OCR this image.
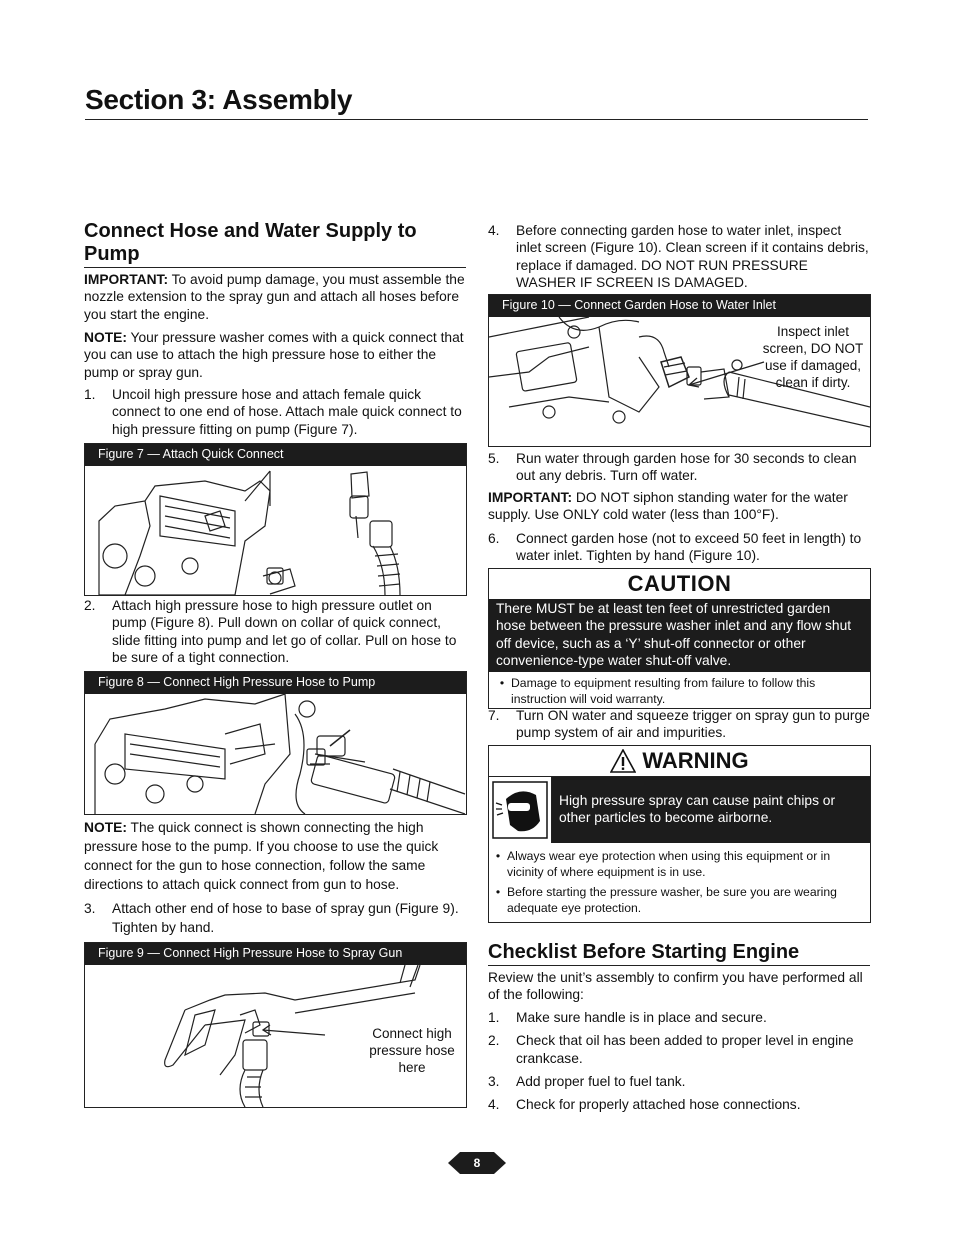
Section 3: Assembly
Connect Hose and Water Supply to Pump

IMPORTANT: To avoid pump damage, you must assemble the nozzle extension to the spray gun and attach all hoses before you start the engine.

NOTE: Your pressure washer comes with a quick connect that you can use to attach the high pressure hose to either the pump or spray gun.

1.	Uncoil high pressure hose and attach female quick connect to one end of hose. Attach male quick connect to high pressure fitting on pump (Figure 7).
Figure 7 — Attach Quick Connect
2.	Attach high pressure hose to high pressure outlet on pump (Figure 8). Pull down on collar of quick connect, slide fitting into pump and let go of collar. Pull on hose to be sure of a tight connection.
Figure 8 — Connect High Pressure Hose to Pump

NOTE: The quick connect is shown connecting the high pressure hose to the pump. If you choose to use the quick connect for the gun to hose connection, follow the same directions to attach quick connect from gun to hose.

3.	Attach other end of hose to base of spray gun (Figure 9). Tighten by hand.
Figure 9 — Connect High Pressure Hose to Spray Gun
Connect high pressure hose here
4.	Before connecting garden hose to water inlet, inspect inlet screen (Figure 10). Clean screen if it contains debris, replace if damaged. DO NOT RUN PRESSURE WASHER IF SCREEN IS DAMAGED.
Figure 10 — Connect Garden Hose to Water Inlet
Inspect inlet screen, DO NOT use if damaged, clean if dirty.
5.	Run water through garden hose for 30 seconds to clean out any debris. Turn off water.

IMPORTANT: DO NOT siphon standing water for the water supply. Use ONLY cold water (less than 100°F).

6.	Connect garden hose (not to exceed 50 feet in length) to water inlet. Tighten by hand (Figure 10).
CAUTION
There MUST be at least ten feet of unrestricted garden hose between the pressure washer inlet and any flow shut off device, such as a ‘Y’ shut-off connector or other convenience-type water shut-off valve.
• Damage to equipment resulting from failure to follow this instruction will void warranty.
7.	Turn ON water and squeeze trigger on spray gun to purge pump system of air and impurities.
WARNING
High pressure spray can cause paint chips or other particles to become airborne.
• Always wear eye protection when using this equipment or in vicinity of where equipment is in use.
• Before starting the pressure washer, be sure you are wearing adequate eye protection.
Checklist Before Starting Engine

Review the unit’s assembly to confirm you have performed all of the following:

1.	Make sure handle is in place and secure.
2.	Check that oil has been added to proper level in engine crankcase.
3.	Add proper fuel to fuel tank.
4.	Check for properly attached hose connections.
8
